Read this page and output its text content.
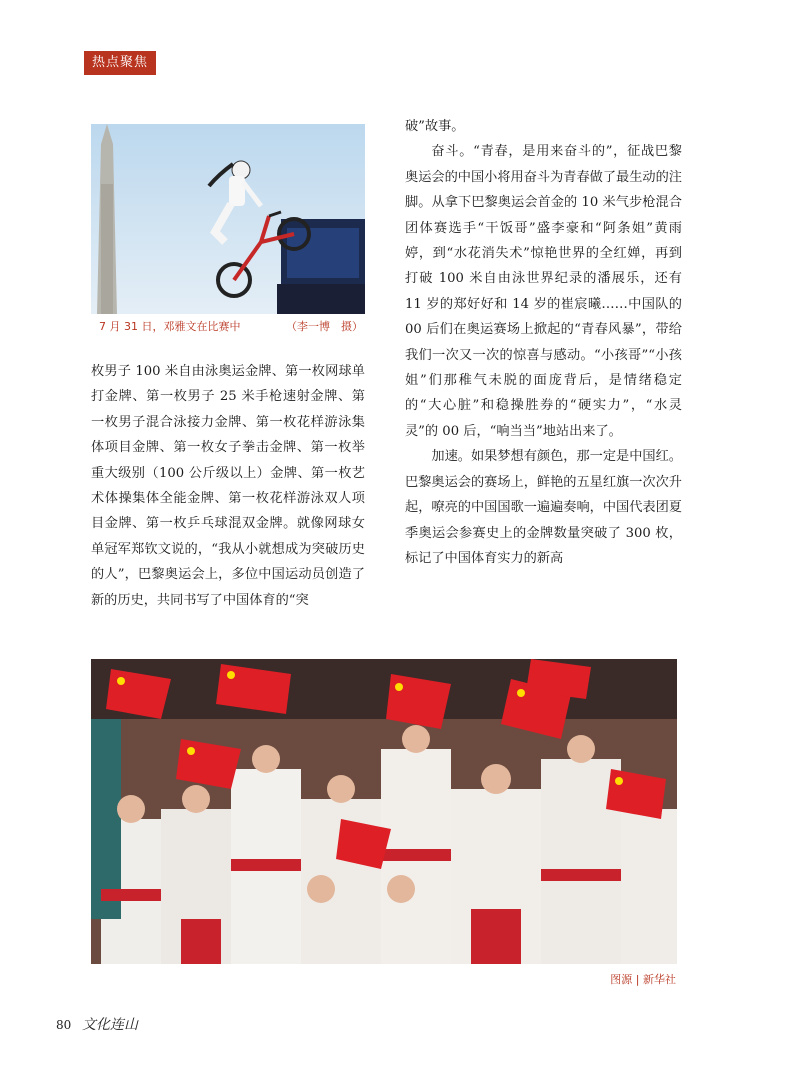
热点聚焦
7 月 31 日，邓雅文在比赛中	（李一博　摄）

枚男子 100 米自由泳奥运金牌、第一枚网球单打金牌、第一枚男子 25 米手枪速射金牌、第一枚男子混合泳接力金牌、第一枚花样游泳集体项目金牌、第一枚女子拳击金牌、第一枚举重大级别（100 公斤级以上）金牌、第一枚艺术体操集体全能金牌、第一枚花样游泳双人项目金牌、第一枚乒乓球混双金牌。就像网球女单冠军郑钦文说的，“我从小就想成为突破历史的人”，巴黎奥运会上，多位中国运动员创造了新的历史，共同书写了中国体育的“突

破”故事。

奋斗。“青春，是用来奋斗的”，征战巴黎奥运会的中国小将用奋斗为青春做了最生动的注脚。从拿下巴黎奥运会首金的 10 米气步枪混合团体赛选手“干饭哥”盛李豪和“阿条姐”黄雨婷，到“水花消失术”惊艳世界的全红婵，再到打破 100 米自由泳世界纪录的潘展乐，还有 11 岁的郑好好和 14 岁的崔宸曦……中国队的 00 后们在奥运赛场上掀起的“青春风暴”，带给我们一次又一次的惊喜与感动。“小孩哥”“小孩姐”们那稚气未脱的面庞背后，是情绪稳定的“大心脏”和稳操胜券的“硬实力”，“水灵灵”的 00 后，“响当当”地站出来了。

加速。如果梦想有颜色，那一定是中国红。巴黎奥运会的赛场上，鲜艳的五星红旗一次次升起，嘹亮的中国国歌一遍遍奏响，中国代表团夏季奥运会参赛史上的金牌数量突破了 300 枚，标记了中国体育实力的新高

图源 | 新华社
80 文化连山
